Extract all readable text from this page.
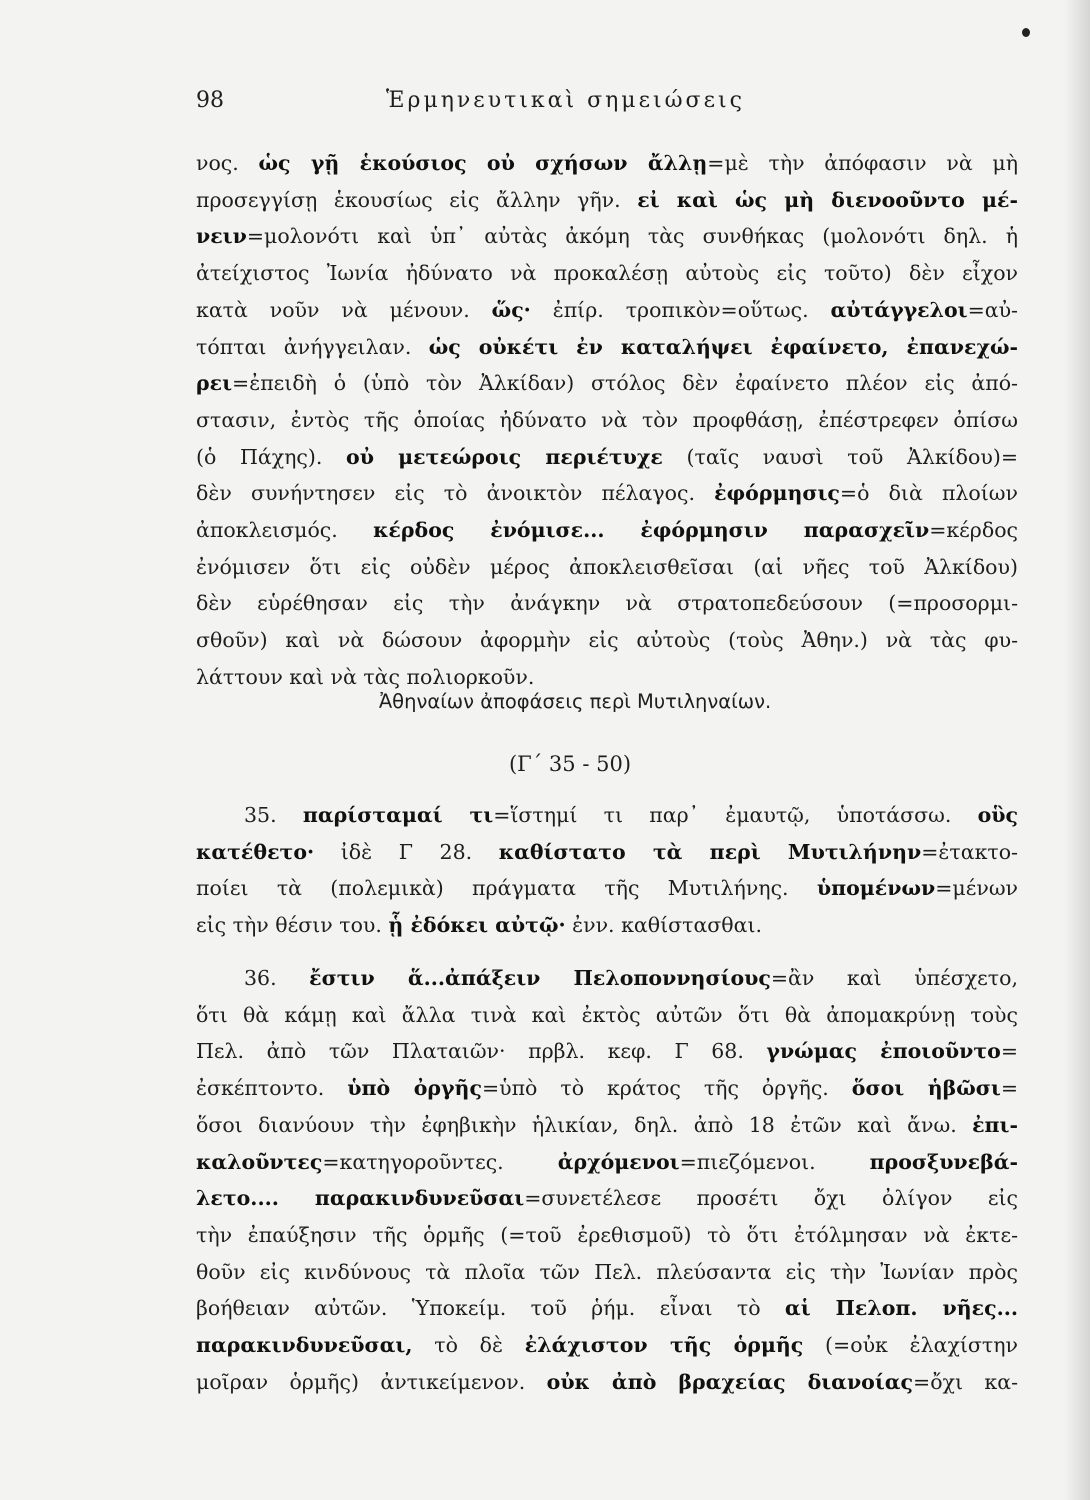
98	Ἑρμηνευτικαὶ σημειώσεις
νος. ὡς γῇ ἑκούσιος οὐ σχήσων ἄλλῃ=μὲ τὴν ἀπόφασιν νὰ μὴ
προσεγγίσῃ ἑκουσίως εἰς ἄλλην γῆν. εἰ καὶ ὡς μὴ διενοοῦντο μέ-
νειν=μολονότι καὶ ὑπ᾽ αὐτὰς ἀκόμη τὰς συνθήκας (μολονότι δηλ. ἡ
ἀτείχιστος Ἰωνία ἠδύνατο νὰ προκαλέσῃ αὐτοὺς εἰς τοῦτο) δὲν εἶχον
κατὰ νοῦν νὰ μένουν. ὥς· ἐπίρ. τροπικὸν=οὕτως. αὐτάγγελοι=αὐ-
τόπται ἀνήγγειλαν. ὡς οὐκέτι ἐν καταλήψει ἐφαίνετο, ἐπανεχώ-
ρει=ἐπειδὴ ὁ (ὑπὸ τὸν Ἀλκίδαν) στόλος δὲν ἐφαίνετο πλέον εἰς ἀπό-
στασιν, ἐντὸς τῆς ὁποίας ἠδύνατο νὰ τὸν προφθάσῃ, ἐπέστρεφεν ὀπίσω
(ὁ Πάχης). οὐ μετεώροις περιέτυχε (ταῖς ναυσὶ τοῦ Ἀλκίδου)=
δὲν συνήντησεν εἰς τὸ ἀνοικτὸν πέλαγος. ἐφόρμησις=ὁ διὰ πλοίων
ἀποκλεισμός. κέρδος ἐνόμισε... ἐφόρμησιν παρασχεῖν=κέρδος
ἐνόμισεν ὅτι εἰς οὐδὲν μέρος ἀποκλεισθεῖσαι (αἱ νῆες τοῦ Ἀλκίδου)
δὲν εὑρέθησαν εἰς τὴν ἀνάγκην νὰ στρατοπεδεύσουν (=προσορμι-
σθοῦν) καὶ νὰ δώσουν ἀφορμὴν εἰς αὐτοὺς (τοὺς Ἀθην.) νὰ τὰς φυ-
λάττουν καὶ νὰ τὰς πολιορκοῦν.
Ἀθηναίων ἀποφάσεις περὶ Μυτιληναίων.
(Γ´ 35 - 50)
35. παρίσταμαί τι=ἵστημί τι παρ᾽ ἐμαυτῷ, ὑποτάσσω. οὓς
κατέθετο· ἰδὲ Γ 28. καθίστατο τὰ περὶ Μυτιλήνην=ἐτακτο-
ποίει τὰ (πολεμικὰ) πράγματα τῆς Μυτιλήνης. ὑπομένων=μένων
εἰς τὴν θέσιν του. ᾗ ἐδόκει αὐτῷ· ἐνν. καθίστασθαι.
36. ἔστιν ἅ...ἀπάξειν Πελοποννησίους=ἂν καὶ ὑπέσχετο,
ὅτι θὰ κάμῃ καὶ ἄλλα τινὰ καὶ ἐκτὸς αὐτῶν ὅτι θὰ ἀπομακρύνῃ τοὺς
Πελ. ἀπὸ τῶν Πλαταιῶν· πρβλ. κεφ. Γ 68. γνώμας ἐποιοῦντο=
ἐσκέπτοντο. ὑπὸ ὀργῆς=ὑπὸ τὸ κράτος τῆς ὀργῆς. ὅσοι ἡβῶσι=
ὅσοι διανύουν τὴν ἐφηβικὴν ἡλικίαν, δηλ. ἀπὸ 18 ἐτῶν καὶ ἄνω. ἐπι-
καλοῦντες=κατηγοροῦντες. ἀρχόμενοι=πιεζόμενοι. προσξυνεβά-
λετο.... παρακινδυνεῦσαι=συνετέλεσε προσέτι ὄχι ὀλίγον εἰς
τὴν ἐπαύξησιν τῆς ὁρμῆς (=τοῦ ἐρεθισμοῦ) τὸ ὅτι ἐτόλμησαν νὰ ἐκτε-
θοῦν εἰς κινδύνους τὰ πλοῖα τῶν Πελ. πλεύσαντα εἰς τὴν Ἰωνίαν πρὸς
βοήθειαν αὐτῶν. Ὑποκείμ. τοῦ ῥήμ. εἶναι τὸ αἱ Πελοπ. νῆες...
παρακινδυνεῦσαι, τὸ δὲ ἐλάχιστον τῆς ὁρμῆς (=οὐκ ἐλαχίστην
μοῖραν ὁρμῆς) ἀντικείμενον. οὐκ ἀπὸ βραχείας διανοίας=ὄχι κα-
